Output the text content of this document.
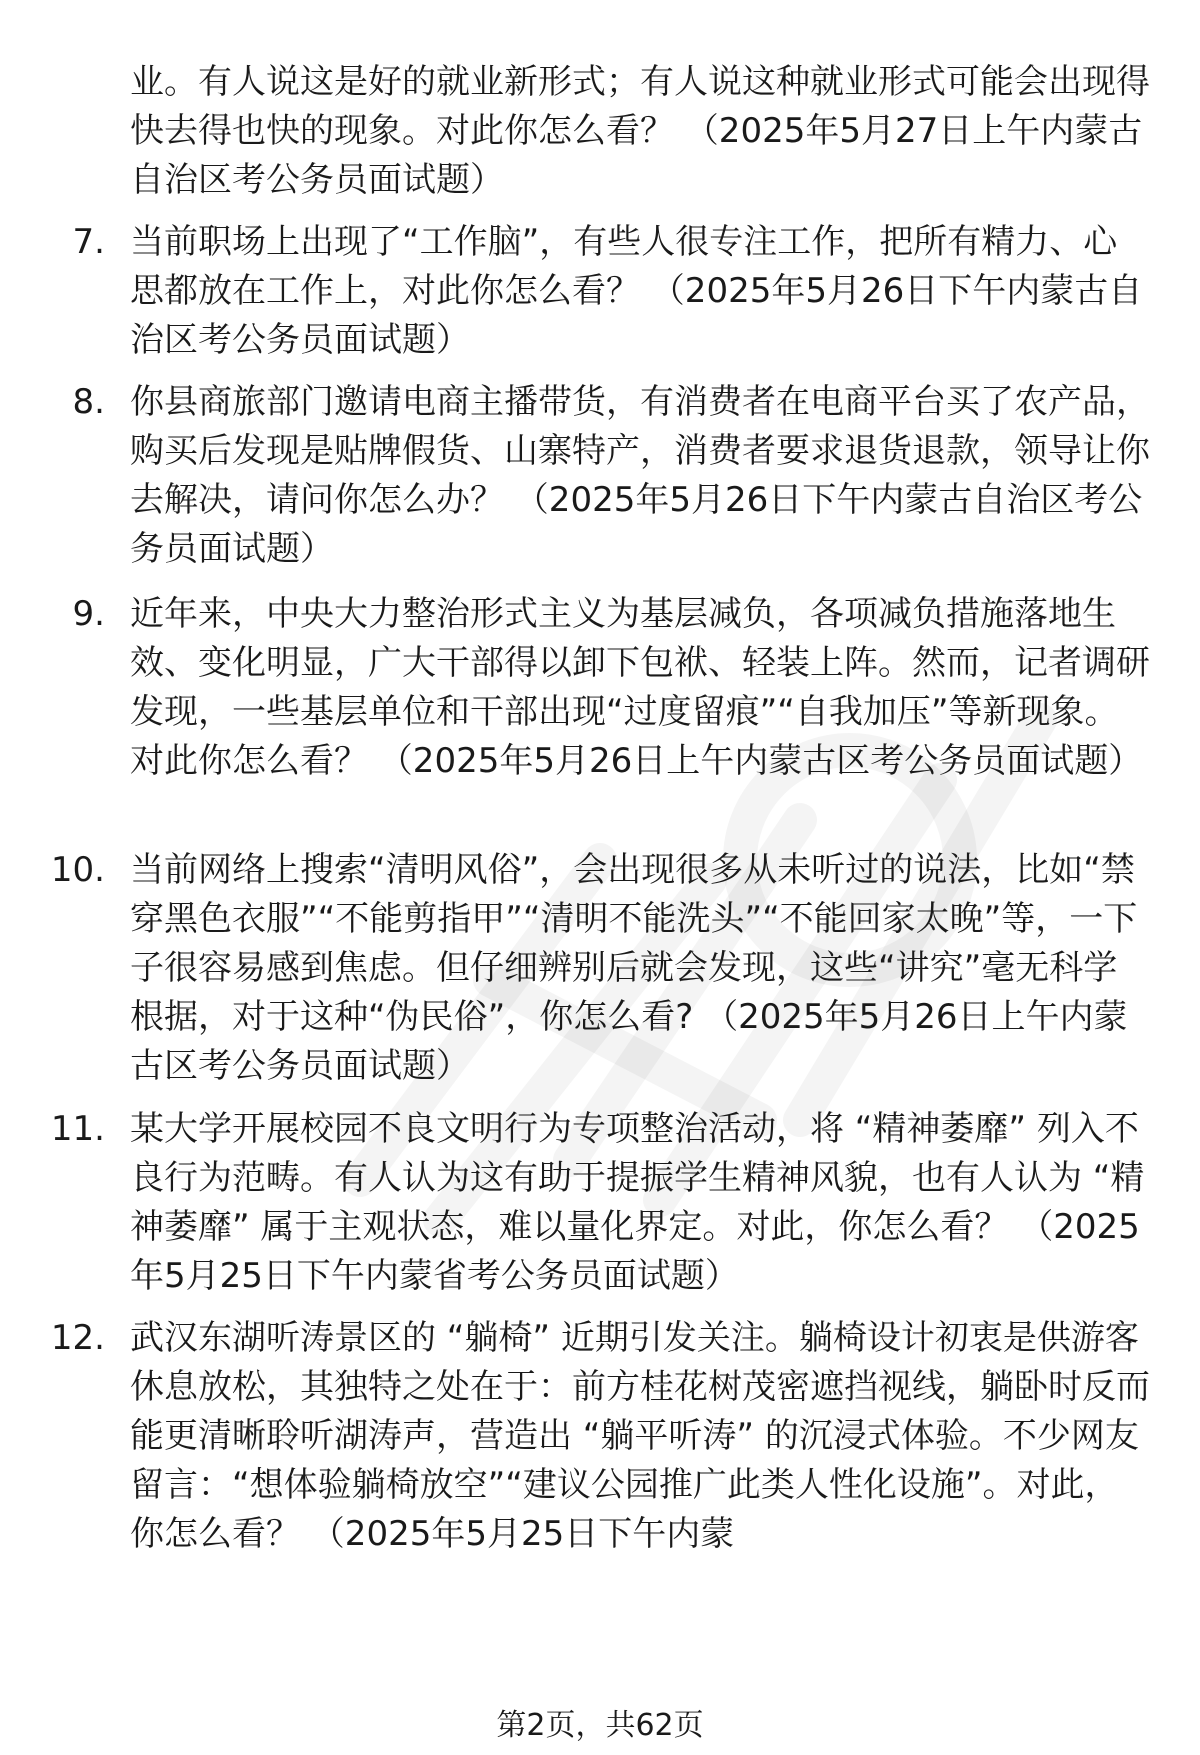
业。有人说这是好的就业新形式；有人说这种就业形式可能会出现得快去得也快的现象。对此你怎么看？ （2025年5月27日上午内蒙古自治区考公务员面试题）
7. 当前职场上出现了“工作脑”，有些人很专注工作，把所有精力、心思都放在工作上，对此你怎么看？ （2025年5月26日下午内蒙古自治区考公务员面试题）
8. 你县商旅部门邀请电商主播带货，有消费者在电商平台买了农产品，购买后发现是贴牌假货、山寨特产，消费者要求退货退款，领导让你去解决，请问你怎么办？ （2025年5月26日下午内蒙古自治区考公务员面试题）
9. 近年来，中央大力整治形式主义为基层减负，各项减负措施落地生效、变化明显，广大干部得以卸下包袱、轻装上阵。然而，记者调研发现，一些基层单位和干部出现“过度留痕”“自我加压”等新现象。对此你怎么看？ （2025年5月26日上午内蒙古区考公务员面试题）
10. 当前网络上搜索“清明风俗”，会出现很多从未听过的说法，比如“禁穿黑色衣服”“不能剪指甲”“清明不能洗头”“不能回家太晚”等，一下子很容易感到焦虑。但仔细辨别后就会发现，这些“讲究”毫无科学根据，对于这种“伪民俗”，你怎么看? （2025年5月26日上午内蒙古区考公务员面试题）
11. 某大学开展校园不良文明行为专项整治活动，将 “精神萎靡” 列入不良行为范畴。有人认为这有助于提振学生精神风貌，也有人认为 “精神萎靡” 属于主观状态，难以量化界定。对此，你怎么看？ （2025年5月25日下午内蒙省考公务员面试题）
12. 武汉东湖听涛景区的 “躺椅” 近期引发关注。躺椅设计初衷是供游客休息放松，其独特之处在于：前方桂花树茂密遮挡视线，躺卧时反而能更清晰聆听湖涛声，营造出 “躺平听涛” 的沉浸式体验。不少网友留言：“想体验躺椅放空”“建议公园推广此类人性化设施”。对此，你怎么看？ （2025年5月25日下午内蒙
第2页，共62页
